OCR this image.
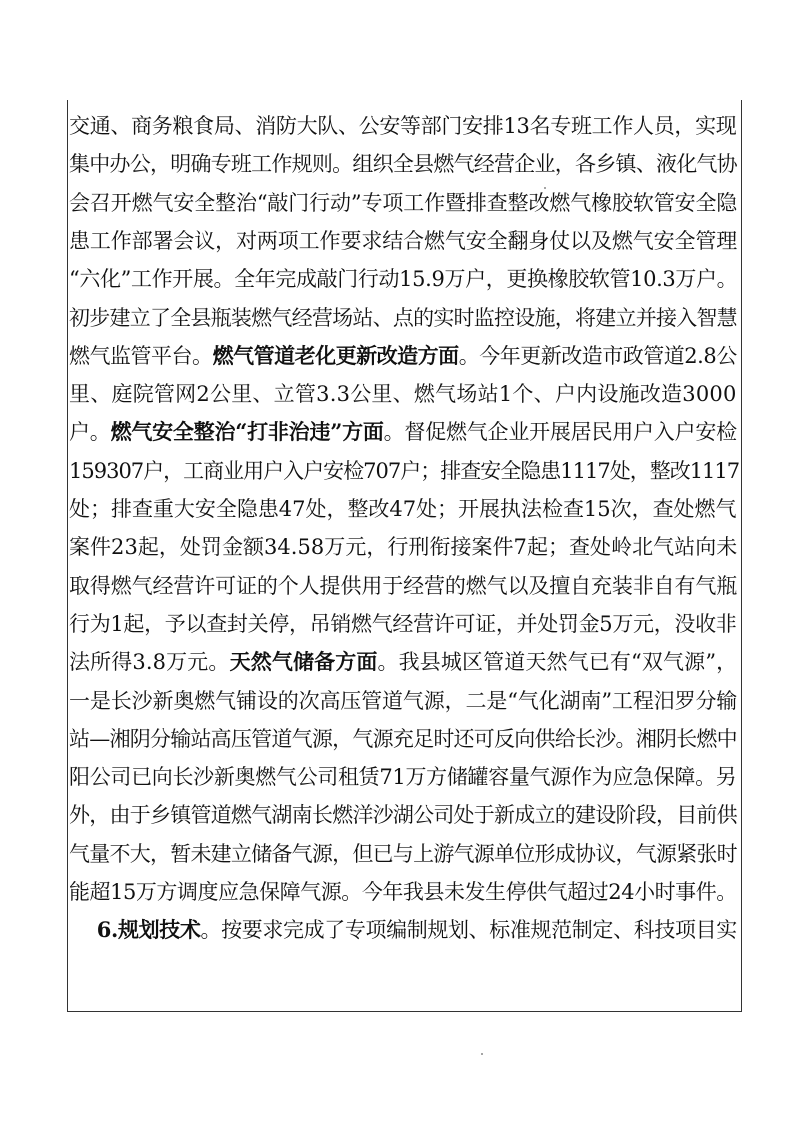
交通、商务粮食局、消防大队、公安等部门安排13名专班工作人员，实现
集中办公，明确专班工作规则。组织全县燃气经营企业，各乡镇、液化气协
会召开燃气安全整治“敲门行动”专项工作暨排查整改燃气橡胶软管安全隐
患工作部署会议，对两项工作要求结合燃气安全翻身仗以及燃气安全管理
“六化”工作开展。全年完成敲门行动15.9万户，更换橡胶软管10.3万户。
初步建立了全县瓶装燃气经营场站、点的实时监控设施，将建立并接入智慧
燃气监管平台。燃气管道老化更新改造方面。今年更新改造市政管道2.8公
里、庭院管网2公里、立管3.3公里、燃气场站1个、户内设施改造3000
户。燃气安全整治“打非治违”方面。督促燃气企业开展居民用户入户安检
159307户，工商业用户入户安检707户；排查安全隐患1117处，整改1117
处；排查重大安全隐患47处，整改47处；开展执法检查15次，查处燃气
案件23起，处罚金额34.58万元，行刑衔接案件7起；查处岭北气站向未
取得燃气经营许可证的个人提供用于经营的燃气以及擅自充装非自有气瓶
行为1起，予以查封关停，吊销燃气经营许可证，并处罚金5万元，没收非
法所得3.8万元。天然气储备方面。我县城区管道天然气已有“双气源”，
一是长沙新奥燃气铺设的次高压管道气源，二是“气化湖南”工程汨罗分输
站—湘阴分输站高压管道气源，气源充足时还可反向供给长沙。湘阴长燃中
阳公司已向长沙新奥燃气公司租赁71万方储罐容量气源作为应急保障。另
外，由于乡镇管道燃气湖南长燃洋沙湖公司处于新成立的建设阶段，目前供
气量不大，暂未建立储备气源，但已与上游气源单位形成协议，气源紧张时
能超15万方调度应急保障气源。今年我县未发生停供气超过24小时事件。
6.规划技术。按要求完成了专项编制规划、标准规范制定、科技项目实
